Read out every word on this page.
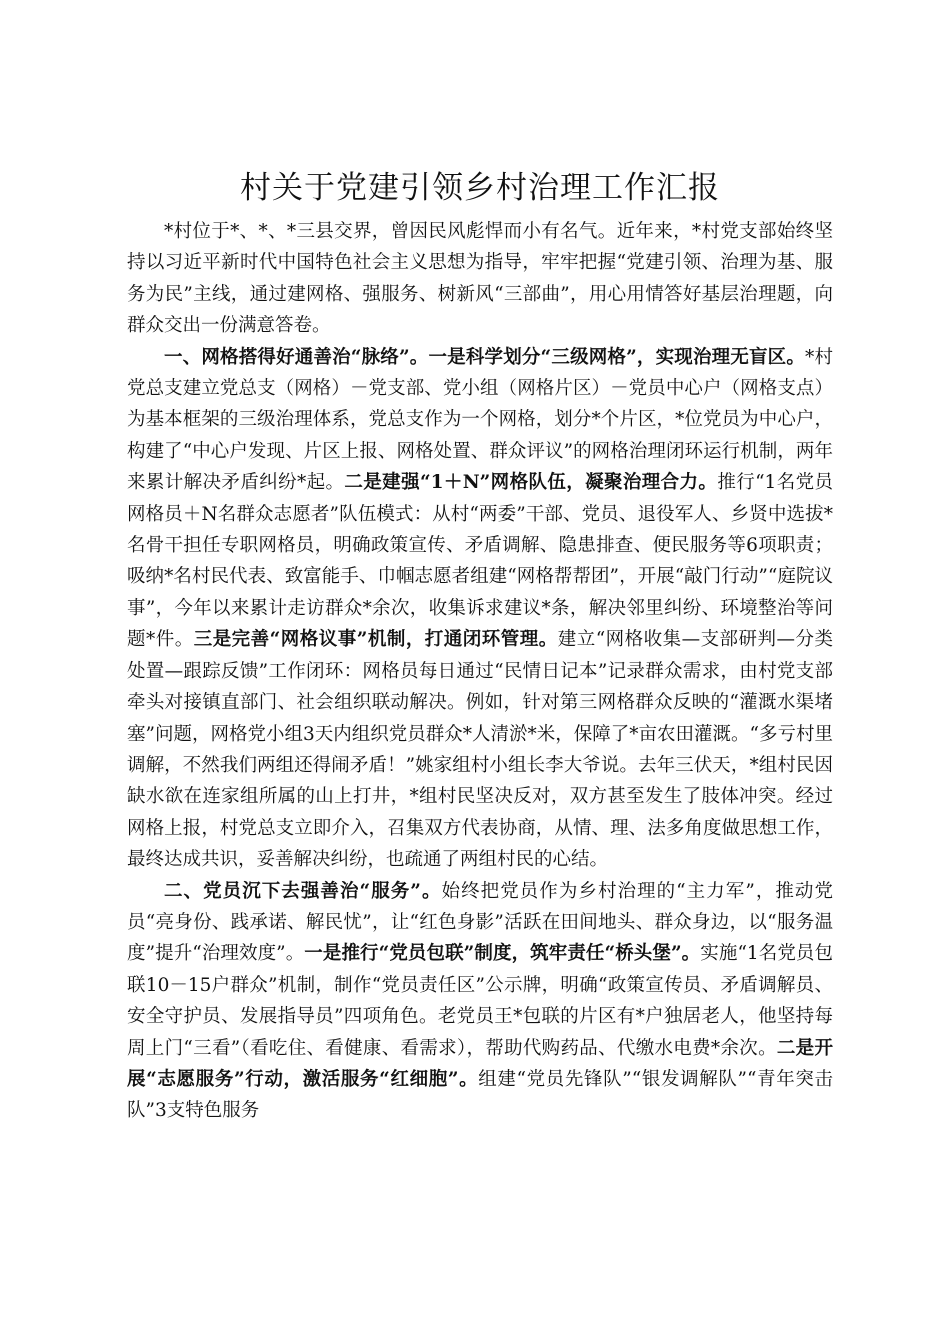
村关于党建引领乡村治理工作汇报

*村位于*、*、*三县交界，曾因民风彪悍而小有名气。近年来，*村党支部始终坚持以习近平新时代中国特色社会主义思想为指导，牢牢把握“党建引领、治理为基、服务为民”主线，通过建网格、强服务、树新风“三部曲”，用心用情答好基层治理题，向群众交出一份满意答卷。

一、网格搭得好通善治“脉络”。一是科学划分“三级网格”，实现治理无盲区。*村党总支建立党总支（网格）－党支部、党小组（网格片区）－党员中心户（网格支点）为基本框架的三级治理体系，党总支作为一个网格，划分*个片区，*位党员为中心户，构建了“中心户发现、片区上报、网格处置、群众评议”的网格治理闭环运行机制，两年来累计解决矛盾纠纷*起。二是建强“1＋N”网格队伍，凝聚治理合力。推行“1名党员网格员＋N名群众志愿者”队伍模式：从村“两委”干部、党员、退役军人、乡贤中选拔*名骨干担任专职网格员，明确政策宣传、矛盾调解、隐患排查、便民服务等6项职责；吸纳*名村民代表、致富能手、巾帼志愿者组建“网格帮帮团”，开展“敲门行动”“庭院议事”，今年以来累计走访群众*余次，收集诉求建议*条，解决邻里纠纷、环境整治等问题*件。三是完善“网格议事”机制，打通闭环管理。建立“网格收集—支部研判—分类处置—跟踪反馈”工作闭环：网格员每日通过“民情日记本”记录群众需求，由村党支部牵头对接镇直部门、社会组织联动解决。例如，针对第三网格群众反映的“灌溉水渠堵塞”问题，网格党小组3天内组织党员群众*人清淤*米，保障了*亩农田灌溉。“多亏村里调解，不然我们两组还得闹矛盾！”姚家组村小组长李大爷说。去年三伏天，*组村民因缺水欲在连家组所属的山上打井，*组村民坚决反对，双方甚至发生了肢体冲突。经过网格上报，村党总支立即介入，召集双方代表协商，从情、理、法多角度做思想工作，最终达成共识，妥善解决纠纷，也疏通了两组村民的心结。

二、党员沉下去强善治“服务”。始终把党员作为乡村治理的“主力军”，推动党员“亮身份、践承诺、解民忧”，让“红色身影”活跃在田间地头、群众身边，以“服务温度”提升“治理效度”。一是推行“党员包联”制度，筑牢责任“桥头堡”。实施“1名党员包联10－15户群众”机制，制作“党员责任区”公示牌，明确“政策宣传员、矛盾调解员、安全守护员、发展指导员”四项角色。老党员王*包联的片区有*户独居老人，他坚持每周上门“三看”（看吃住、看健康、看需求），帮助代购药品、代缴水电费*余次。二是开展“志愿服务”行动，激活服务“红细胞”。组建“党员先锋队”“银发调解队”“青年突击队”3支特色服务
